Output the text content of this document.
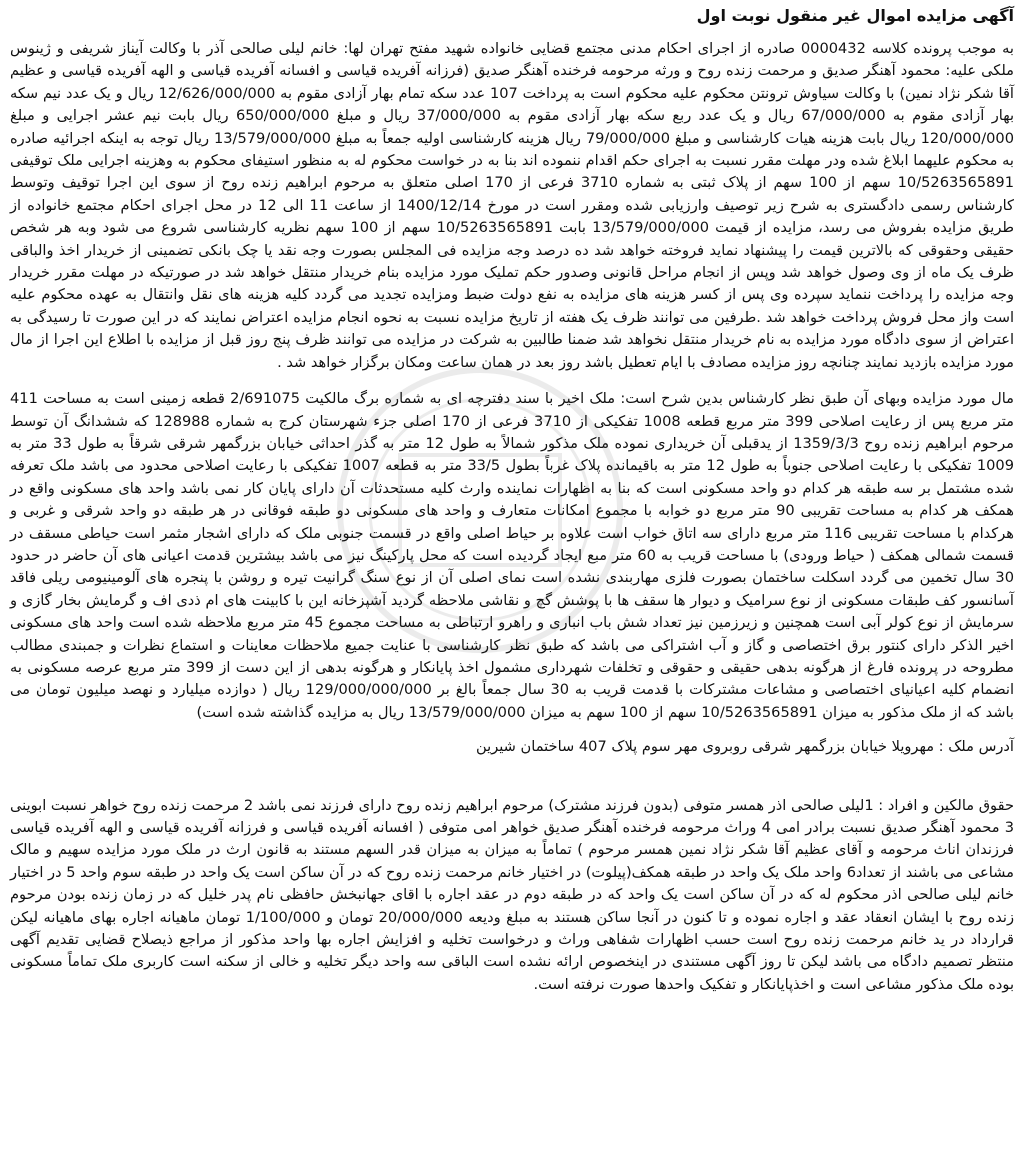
آگهی مزایده اموال غیر منقول نوبت اول

به موجب پرونده کلاسه 0000432 صادره از اجرای احکام مدنی مجتمع قضایی خانواده شهید مفتح تهران لها: خانم لیلی صالحی آذر با وکالت آیناز شریفی و ژینوس ملکی علیه: محمود آهنگر صدیق و مرحمت زنده روح و ورثه مرحومه فرخنده آهنگر صدیق (فرزانه آفریده قیاسی و افسانه آفریده قیاسی و الهه آفریده قیاسی و عظیم آقا شکر نژاد نمین) با وکالت سیاوش ترونتن محکوم علیه محکوم است به پرداخت 107 عدد سکه تمام بهار آزادی مقوم به 12/626/000/000 ریال و یک عدد نیم سکه بهار آزادی مقوم به 67/000/000 ریال و یک عدد ربع سکه بهار آزادی مقوم به 37/000/000 ریال و مبلغ 650/000/000 ریال بابت نیم عشر اجرایی و مبلغ 120/000/000 ریال بابت هزینه هیات کارشناسی و مبلغ 79/000/000 ریال هزینه کارشناسی اولیه جمعاً به مبلغ 13/579/000/000 ریال توجه به اینکه اجرائیه صادره به محکوم علیهما ابلاغ شده ودر مهلت مقرر نسبت به اجرای حکم اقدام ننموده اند بنا به در خواست محکوم له به منظور استیفای محکوم به وهزینه اجرایی ملک توقیفی 10/5263565891 سهم از 100 سهم از پلاک ثبتی به شماره 3710 فرعی از 170 اصلی متعلق به مرحوم ابراهیم زنده روح از سوی این اجرا توقیف وتوسط کارشناس رسمی دادگستری به شرح زیر توصیف وارزیابی شده ومقرر است در مورخ 1400/12/14 از ساعت 11 الی 12 در محل اجرای احکام مجتمع خانواده از طریق مزایده بفروش می رسد، مزایده از قیمت 13/579/000/000 بابت 10/5263565891 سهم از 100 سهم نظریه کارشناسی شروع می شود وبه هر شخص حقیقی وحقوقی که بالاترین قیمت را پیشنهاد نماید فروخته خواهد شد ده درصد وجه مزایده فی المجلس بصورت وجه نقد یا چک بانکی تضمینی از خریدار اخذ والباقی ظرف یک ماه از وی وصول خواهد شد وپس از انجام مراحل قانونی وصدور حکم تملیک مورد مزایده بنام خریدار منتقل خواهد شد در صورتیکه در مهلت مقرر خریدار وجه مزایده را پرداخت ننماید سپرده وی پس از کسر هزینه های مزایده به نفع دولت ضبط ومزایده تجدید می گردد کلیه هزینه های نقل وانتقال به عهده محکوم علیه است واز محل فروش پرداخت خواهد شد .طرفین می توانند ظرف یک هفته از تاریخ مزایده نسبت به نحوه انجام مزایده اعتراض نمایند که در این صورت تا رسیدگی به اعتراض از سوی دادگاه مورد مزایده به نام خریدار منتقل نخواهد شد ضمنا طالبین به شرکت در مزایده می توانند ظرف پنج روز قبل از مزایده با اطلاع این اجرا از مال مورد مزایده بازدید نمایند چنانچه روز مزایده مصادف با ایام تعطیل باشد روز بعد در همان ساعت ومکان برگزار خواهد شد .

مال مورد مزایده وبهای آن طبق نظر کارشناس بدین شرح است: ملک اخیر با سند دفترچه ای به شماره برگ مالکیت 2/691075 قطعه زمینی است به مساحت 411 متر مربع پس از رعایت اصلاحی 399 متر مربع قطعه 1008 تفکیکی از 3710 فرعی از 170 اصلی جزء شهرستان کرج به شماره 128988 که ششدانگ آن توسط مرحوم ابراهیم زنده روح 1359/3/3 از یدقبلی آن خریداری نموده ملک مذکور شمالاً به طول 12 متر به گذر احداثی خیابان بزرگمهر شرقی شرقاً به طول 33 متر به 1009 تفکیکی با رعایت اصلاحی جنوباً به طول 12 متر به باقیمانده پلاک غرباً بطول 33/5 متر به قطعه 1007 تفکیکی با رعایت اصلاحی محدود می باشد ملک تعرفه شده مشتمل بر سه طبقه هر کدام دو واحد مسکونی است که بنا به اظهارات نماینده وارث کلیه مستحدثات آن دارای پایان کار نمی باشد واحد های مسکونی واقع در همکف هر کدام به مساحت تقریبی 90 متر مربع دو خوابه با مجموع امکانات متعارف و واحد های مسکونی دو طبقه فوقانی در هر طبقه دو واحد شرقی و غربی و هرکدام با مساحت تقریبی 116 متر مربع دارای سه اتاق خواب است علاوه بر حیاط اصلی واقع در قسمت جنوبی ملک که دارای اشجار مثمر است حیاطی مسقف در قسمت شمالی همکف ( حیاط ورودی) با مساحت قریب به 60 متر مبع ایجاد گردیده است که محل پارکینگ نیز می باشد بیشترین قدمت اعیانی های آن حاضر در حدود 30 سال تخمین می گردد اسکلت ساختمان بصورت فلزی مهاربندی نشده است نمای اصلی آن از نوع سنگ گرانیت تیره و روشن با پنجره های آلومینیومی ریلی فاقد آسانسور کف طبقات مسکونی از نوع سرامیک و دیوار ها سقف ها با پوشش گچ و نقاشی ملاحظه گردید آشپزخانه این با کابینت های ام ذدی اف و گرمایش بخار گازی و سرمایش از نوع کولر آبی است همچنین و زیرزمین نیز تعداد شش باب انباری و راهرو ارتباطی به مساحت مجموع 45 متر مربع ملاحظه شده است واحد های مسکونی اخیر الذکر دارای کنتور برق اختصاصی و گاز و آب اشتراکی می باشد که طبق نظر کارشناسی با عنایت جمیع ملاحظات معاینات و استماع نظرات و جمبندی مطالب مطروحه در پرونده فارغ از هرگونه بدهی حقیقی و حقوقی و تخلفات شهرداری مشمول اخذ پایانکار و هرگونه بدهی از این دست از 399 متر مربع عرصه مسکونی به انضمام کلیه اعیانیای اختصاصی و مشاعات مشترکات با قدمت قریب به 30 سال جمعاً بالغ بر 129/000/000/000 ریال ( دوازده میلیارد و نهصد میلیون تومان می باشد که از ملک مذکور به میزان 10/5263565891 سهم از 100 سهم به میزان 13/579/000/000 ریال به مزایده گذاشته شده است)

آدرس ملک : مهرویلا خیابان بزرگمهر شرقی روبروی مهر سوم پلاک 407 ساختمان شیرین

حقوق مالکین و افراد : 1لیلی صالحی اذر همسر متوفی (بدون فرزند مشترک) مرحوم ابراهیم زنده روح دارای فرزند نمی باشد 2 مرحمت زنده روح خواهر نسبت ابوینی 3 محمود آهنگر صدیق نسبت برادر امی 4 وراث مرحومه فرخنده آهنگر صدیق خواهر امی متوفی ( افسانه آفریده قیاسی و فرزانه آفریده قیاسی و الهه آفریده قیاسی فرزندان اناث مرحومه و آقای عظیم آقا شکر نژاد نمین همسر مرحوم ) تماماً به میزان به میزان قدر السهم مستند به قانون ارث در ملک مورد مزایده سهیم و مالک مشاعی می باشند از تعداد6 واحد ملک یک واحد در طبقه همکف(پیلوت) در اختیار خانم مرحمت زنده روح که در آن ساکن است یک واحد در طبقه سوم واحد 5 در اختیار خانم لیلی صالحی اذر محکوم له که در آن ساکن است یک واحد که در طبقه دوم در عقد اجاره با اقای جهانبخش حافظی نام پدر خلیل که در زمان زنده بودن مرحوم زنده روح با ایشان انعقاد عقد و اجاره نموده و تا کنون در آنجا ساکن هستند به مبلغ ودیعه 20/000/000 تومان و 1/100/000 تومان ماهیانه اجاره بهای ماهیانه لیکن قرارداد در ید خانم مرحمت زنده روح است حسب اظهارات شفاهی وراث و درخواست تخلیه و افزایش اجاره بها واحد مذکور از مراجع ذیصلاح قضایی تقدیم آگهی منتظر تصمیم دادگاه می باشد لیکن تا روز آگهی مستندی در اینخصوص ارائه نشده است الباقی سه واحد دیگر تخلیه و خالی از سکنه است کاربری ملک تماماً مسکونی بوده ملک مذکور مشاعی است و اخذپایانکار و تفکیک واحدها صورت نرفته است.
